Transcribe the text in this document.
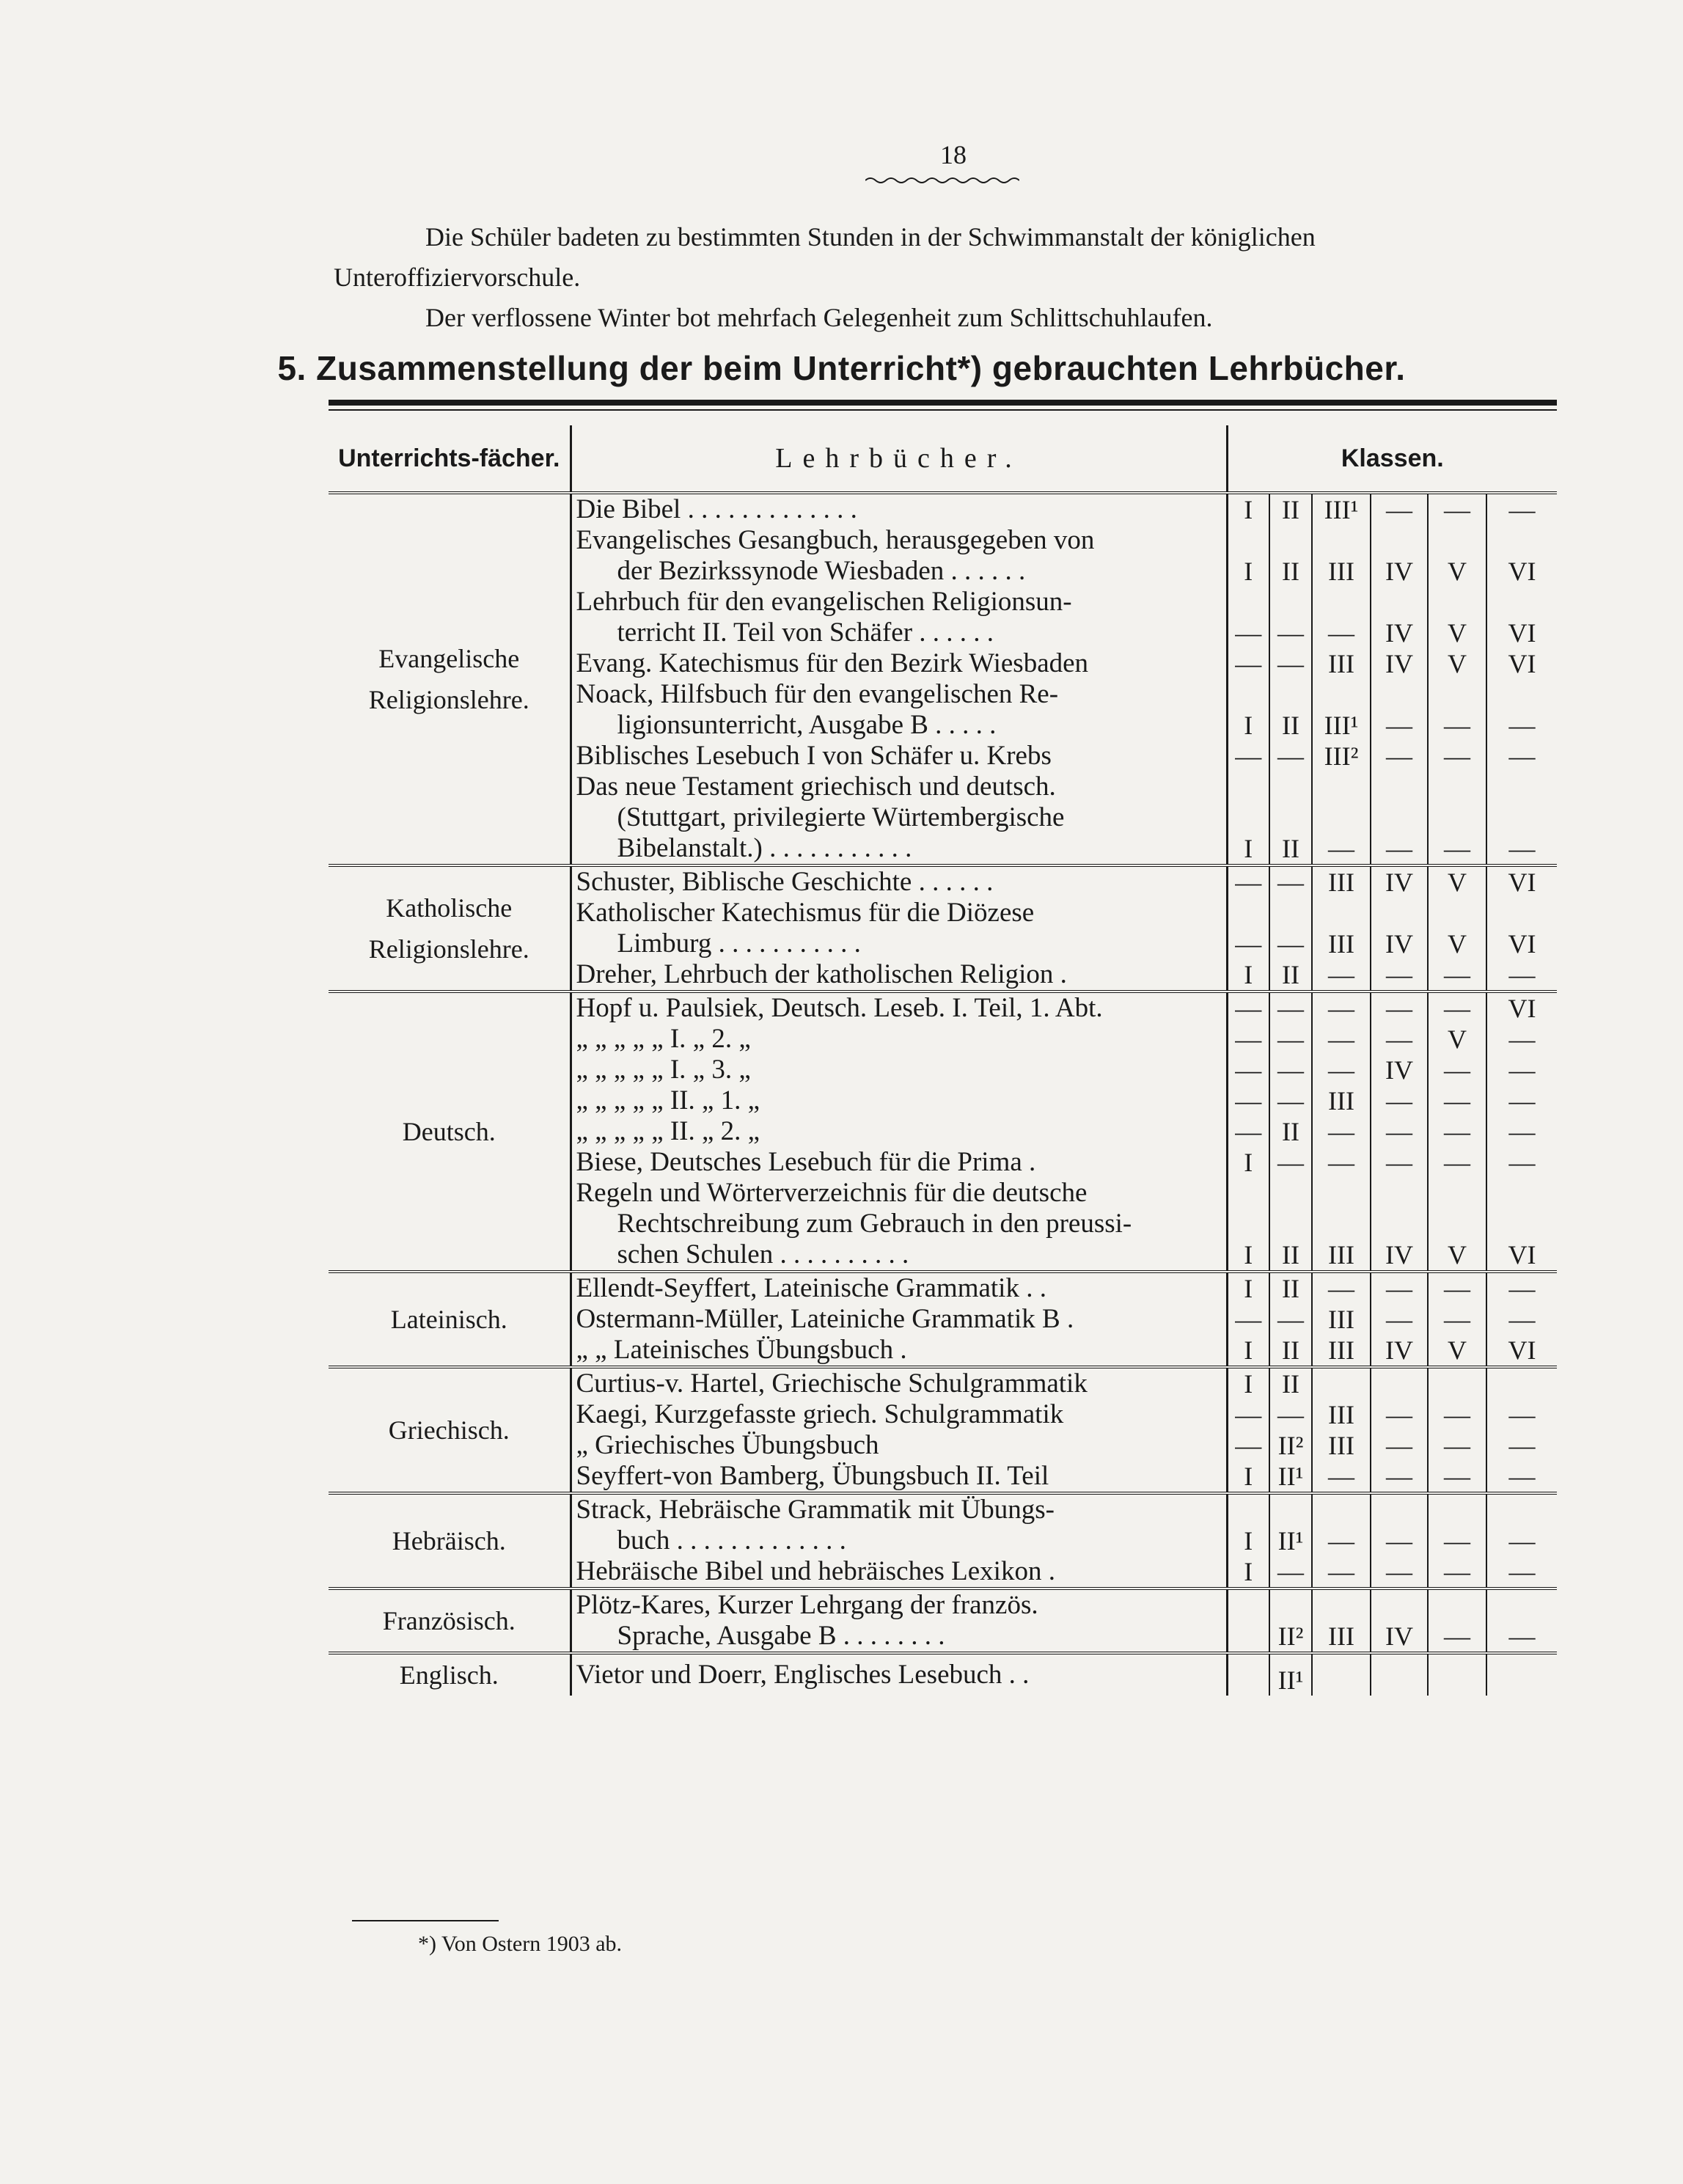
18
Die Schüler badeten zu bestimmten Stunden in der Schwimmanstalt der königlichen
Unteroffiziervorschule.
Der verflossene Winter bot mehrfach Gelegenheit zum Schlittschuhlaufen.
5. Zusammenstellung der beim Unterricht*) gebrauchten Lehrbücher.
Unterrichts-fächer.	Lehrbücher.	Klassen.					
Evangelische Religionslehre.	Die Bibel . . . . . . . . . . . . .	I	II	III¹	—	—	—

	Evangelisches Gesangbuch, herausgegeben von
der Bezirkssynode Wiesbaden . . . . . .	I	II	III	IV	V	VI

	Lehrbuch für den evangelischen Religionsun-
terricht II. Teil von Schäfer . . . . . .	—	—	—	IV	V	VI

	Evang. Katechismus für den Bezirk Wiesbaden	—	—	III	IV	V	VI

	Noack, Hilfsbuch für den evangelischen Re-
ligionsunterricht, Ausgabe B . . . . .	I	II	III¹	—	—	—

	Biblisches Lesebuch I von Schäfer u. Krebs	—	—	III²	—	—	—

	Das neue Testament griechisch und deutsch.
(Stuttgart, privilegierte Würtembergische
Bibelanstalt.) . . . . . . . . . . .	I	II	—	—	—	—
Katholische Religionslehre.	Schuster, Biblische Geschichte . . . . . .	—	—	III	IV	V	VI

	Katholischer Katechismus für die Diözese
Limburg . . . . . . . . . . .	—	—	III	IV	V	VI

	Dreher, Lehrbuch der katholischen Religion .	I	II	—	—	—	—
Deutsch.	Hopf u. Paulsiek, Deutsch. Leseb. I. Teil, 1. Abt.	—	—	—	—	—	VI

	„ „ „ „ „ I. „ 2. „	—	—	—	—	V	—

	„ „ „ „ „ I. „ 3. „	—	—	—	IV	—	—

	„ „ „ „ „ II. „ 1. „	—	—	III	—	—	—

	„ „ „ „ „ II. „ 2. „	—	II	—	—	—	—

	Biese, Deutsches Lesebuch für die Prima .	I	—	—	—	—	—

	Regeln und Wörterverzeichnis für die deutsche
Rechtschreibung zum Gebrauch in den preussi-
schen Schulen . . . . . . . . . .	I	II	III	IV	V	VI
Lateinisch.	Ellendt-Seyffert, Lateinische Grammatik . .	I	II	—	—	—	—

	Ostermann-Müller, Lateiniche Grammatik B .	—	—	III	—	—	—

	„ „ Lateinisches Übungsbuch .	I	II	III	IV	V	VI
Griechisch.	Curtius-v. Hartel, Griechische Schulgrammatik	I	II				

	Kaegi, Kurzgefasste griech. Schulgrammatik	—	—	III	—	—	—

	„ Griechisches Übungsbuch	—	II²	III	—	—	—

	Seyffert-von Bamberg, Übungsbuch II. Teil	I	II¹	—	—	—	—
Hebräisch.	Strack, Hebräische Grammatik mit Übungs-
buch . . . . . . . . . . . . .	I	II¹	—	—	—	—

	Hebräische Bibel und hebräisches Lexikon .	I	—	—	—	—	—
Französisch.	Plötz-Kares, Kurzer Lehrgang der französ.
Sprache, Ausgabe B . . . . . . . .		II²	III	IV	—	—
Englisch.	Vietor und Doerr, Englisches Lesebuch . .		II¹				
*) Von Ostern 1903 ab.
